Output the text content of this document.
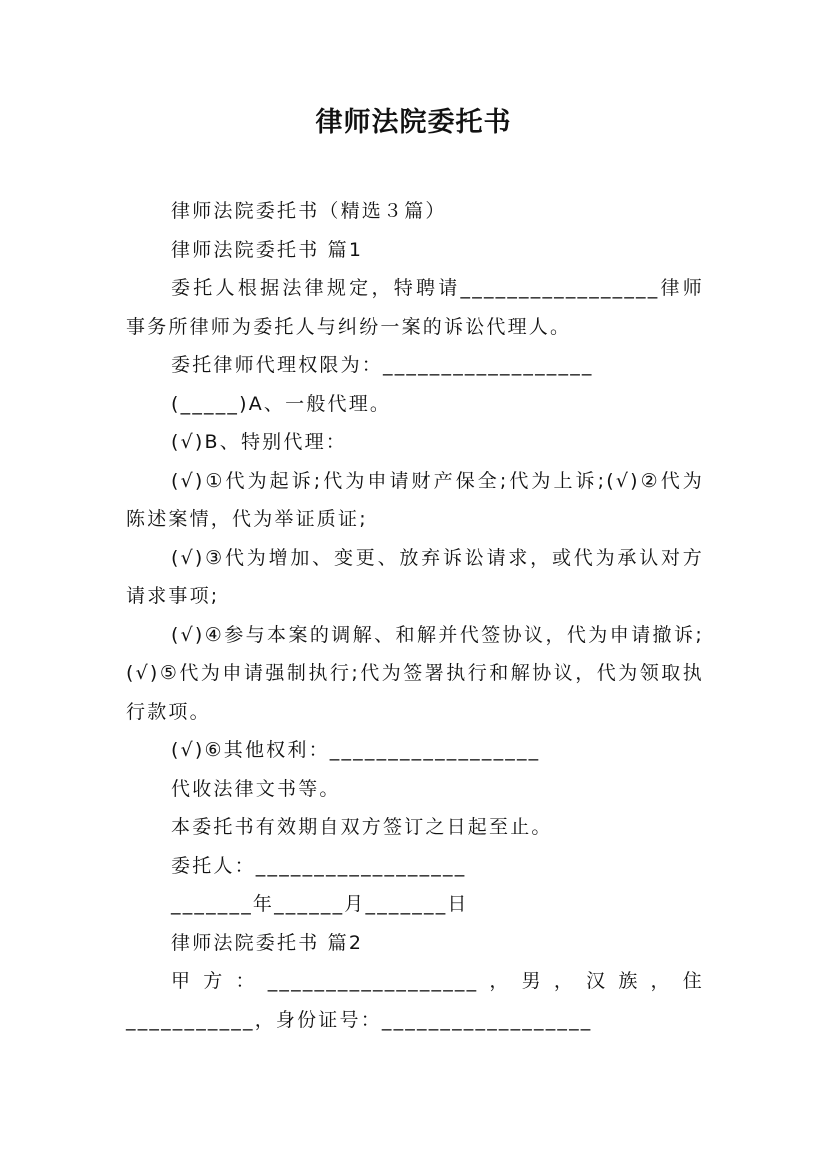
律师法院委托书

律师法院委托书（精选３篇）

律师法院委托书 篇1

委托人根据法律规定，特聘请_________________律师事务所律师为委托人与纠纷一案的诉讼代理人。

委托律师代理权限为：__________________

(_____)A、一般代理。

(√)B、特别代理：

(√)①代为起诉;代为申请财产保全;代为上诉;(√)②代为陈述案情，代为举证质证;

(√)③代为增加、变更、放弃诉讼请求，或代为承认对方请求事项;

(√)④参与本案的调解、和解并代签协议，代为申请撤诉;(√)⑤代为申请强制执行;代为签署执行和解协议，代为领取执行款项。

(√)⑥其他权利：__________________

代收法律文书等。

本委托书有效期自双方签订之日起至止。

委托人：__________________

_______年______月_______日

律师法院委托书 篇2

甲方：__________________，男，汉族，住___________，身份证号：__________________
